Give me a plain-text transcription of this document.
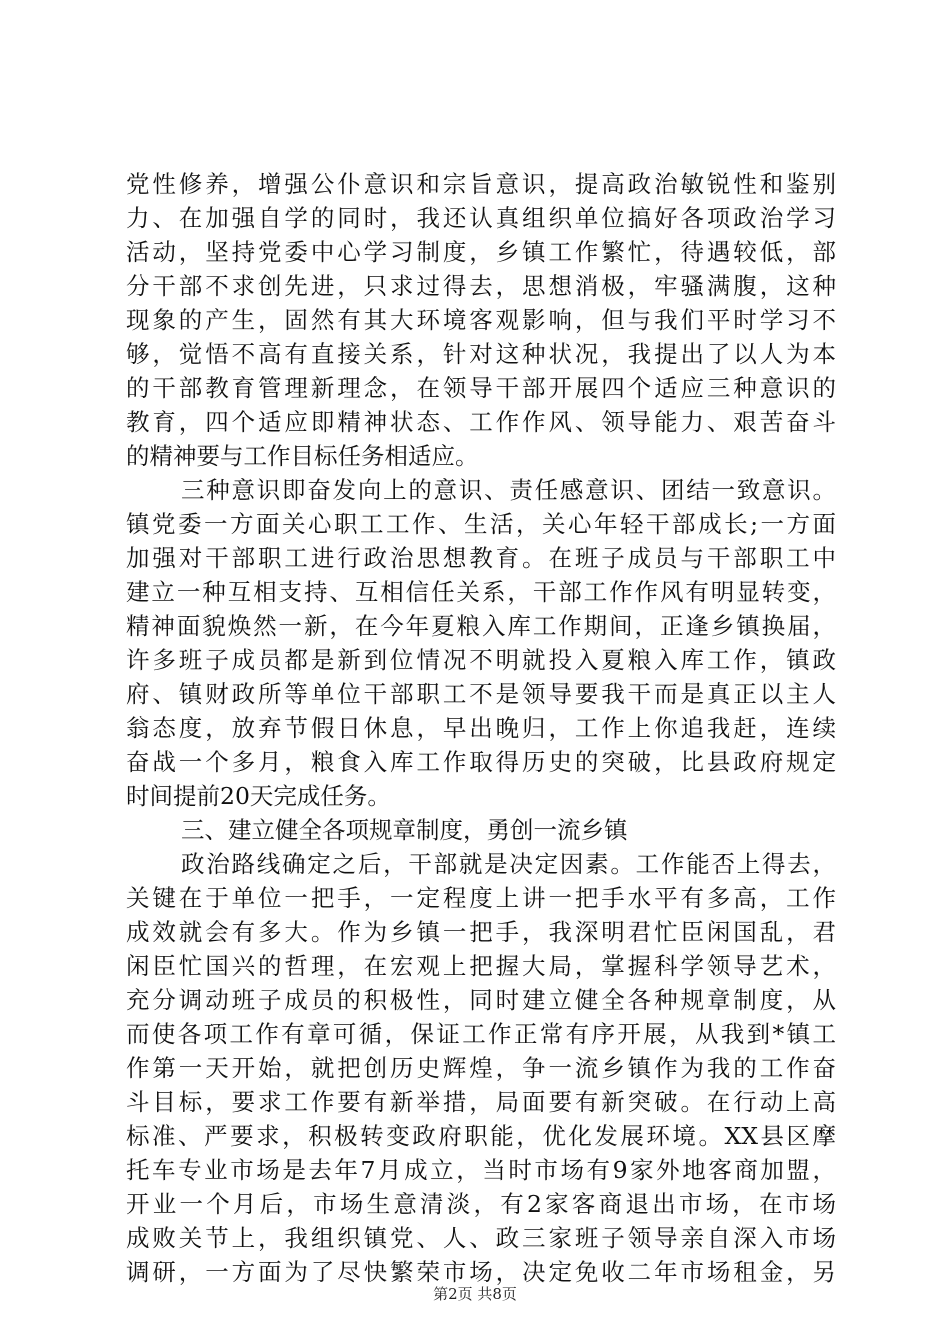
党性修养，增强公仆意识和宗旨意识，提高政治敏锐性和鉴别
力、在加强自学的同时，我还认真组织单位搞好各项政治学习
活动，坚持党委中心学习制度，乡镇工作繁忙，待遇较低，部
分干部不求创先进，只求过得去，思想消极，牢骚满腹，这种
现象的产生，固然有其大环境客观影响，但与我们平时学习不
够，觉悟不高有直接关系，针对这种状况，我提出了以人为本
的干部教育管理新理念，在领导干部开展四个适应三种意识的
教育，四个适应即精神状态、工作作风、领导能力、艰苦奋斗
的精神要与工作目标任务相适应。
三种意识即奋发向上的意识、责任感意识、团结一致意识。
镇党委一方面关心职工工作、生活，关心年轻干部成长;一方面
加强对干部职工进行政治思想教育。在班子成员与干部职工中
建立一种互相支持、互相信任关系，干部工作作风有明显转变，
精神面貌焕然一新，在今年夏粮入库工作期间，正逢乡镇换届，
许多班子成员都是新到位情况不明就投入夏粮入库工作，镇政
府、镇财政所等单位干部职工不是领导要我干而是真正以主人
翁态度，放弃节假日休息，早出晚归，工作上你追我赶，连续
奋战一个多月，粮食入库工作取得历史的突破，比县政府规定
时间提前20天完成任务。
三、建立健全各项规章制度，勇创一流乡镇
政治路线确定之后，干部就是决定因素。工作能否上得去，
关键在于单位一把手，一定程度上讲一把手水平有多高，工作
成效就会有多大。作为乡镇一把手，我深明君忙臣闲国乱，君
闲臣忙国兴的哲理，在宏观上把握大局，掌握科学领导艺术，
充分调动班子成员的积极性，同时建立健全各种规章制度，从
而使各项工作有章可循，保证工作正常有序开展，从我到*镇工
作第一天开始，就把创历史辉煌，争一流乡镇作为我的工作奋
斗目标，要求工作要有新举措，局面要有新突破。在行动上高
标准、严要求，积极转变政府职能，优化发展环境。XX县区摩
托车专业市场是去年7月成立，当时市场有9家外地客商加盟，
开业一个月后，市场生意清淡，有2家客商退出市场，在市场
成败关节上，我组织镇党、人、政三家班子领导亲自深入市场
调研，一方面为了尽快繁荣市场，决定免收二年市场租金，另
第2页 共8页
